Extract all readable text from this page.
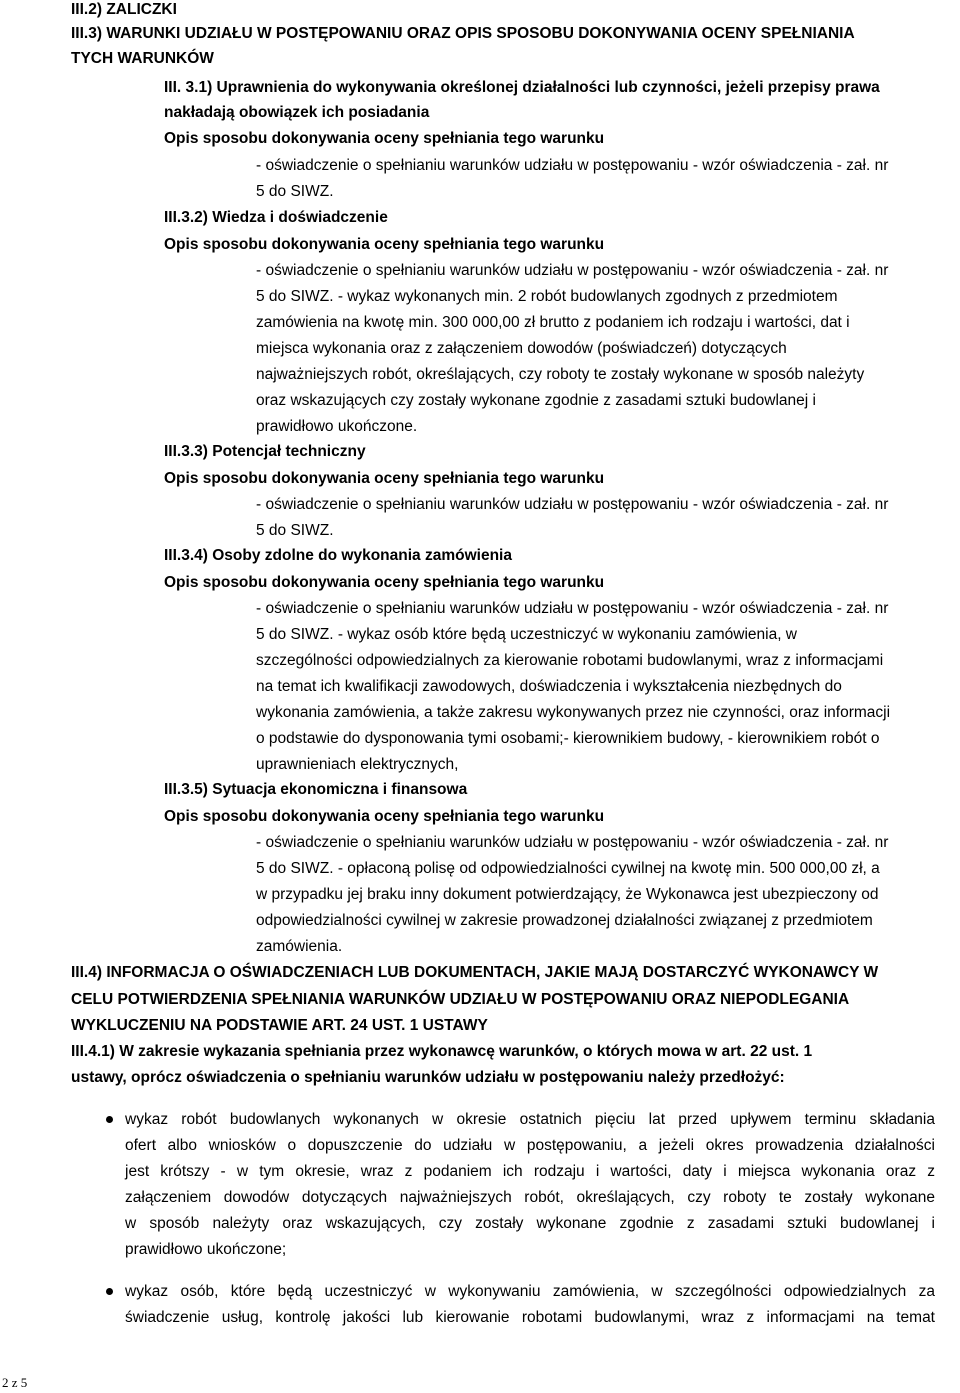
III.2) ZALICZKI
III.3) WARUNKI UDZIAŁU W POSTĘPOWANIU ORAZ OPIS SPOSOBU DOKONYWANIA OCENY SPEŁNIANIA
TYCH WARUNKÓW
III. 3.1) Uprawnienia do wykonywania określonej działalności lub czynności, jeżeli przepisy prawa
nakładają obowiązek ich posiadania
Opis sposobu dokonywania oceny spełniania tego warunku
- oświadczenie o spełnianiu warunków udziału w postępowaniu - wzór oświadczenia - zał. nr
5 do SIWZ.
III.3.2) Wiedza i doświadczenie
Opis sposobu dokonywania oceny spełniania tego warunku
- oświadczenie o spełnianiu warunków udziału w postępowaniu - wzór oświadczenia - zał. nr
5 do SIWZ. - wykaz wykonanych min. 2 robót budowlanych zgodnych z przedmiotem
zamówienia na kwotę min. 300 000,00 zł brutto z podaniem ich rodzaju i wartości, dat i
miejsca wykonania oraz z załączeniem dowodów (poświadczeń) dotyczących
najważniejszych robót, określających, czy roboty te zostały wykonane w sposób należyty
oraz wskazujących czy zostały wykonane zgodnie z zasadami sztuki budowlanej i
prawidłowo ukończone.
III.3.3) Potencjał techniczny
Opis sposobu dokonywania oceny spełniania tego warunku
- oświadczenie o spełnianiu warunków udziału w postępowaniu - wzór oświadczenia - zał. nr
5 do SIWZ.
III.3.4) Osoby zdolne do wykonania zamówienia
Opis sposobu dokonywania oceny spełniania tego warunku
- oświadczenie o spełnianiu warunków udziału w postępowaniu - wzór oświadczenia - zał. nr
5 do SIWZ. - wykaz osób które będą uczestniczyć w wykonaniu zamówienia, w
szczególności odpowiedzialnych za kierowanie robotami budowlanymi, wraz z informacjami
na temat ich kwalifikacji zawodowych, doświadczenia i wykształcenia niezbędnych do
wykonania zamówienia, a także zakresu wykonywanych przez nie czynności, oraz informacji
o podstawie do dysponowania tymi osobami;- kierownikiem budowy, - kierownikiem robót o
uprawnieniach elektrycznych,
III.3.5) Sytuacja ekonomiczna i finansowa
Opis sposobu dokonywania oceny spełniania tego warunku
- oświadczenie o spełnianiu warunków udziału w postępowaniu - wzór oświadczenia - zał. nr
5 do SIWZ. - opłaconą polisę od odpowiedzialności cywilnej na kwotę min. 500 000,00 zł, a
w przypadku jej braku inny dokument potwierdzający, że Wykonawca jest ubezpieczony od
odpowiedzialności cywilnej w zakresie prowadzonej działalności związanej z przedmiotem
zamówienia.
III.4) INFORMACJA O OŚWIADCZENIACH LUB DOKUMENTACH, JAKIE MAJĄ DOSTARCZYĆ WYKONAWCY W
CELU POTWIERDZENIA SPEŁNIANIA WARUNKÓW UDZIAŁU W POSTĘPOWANIU ORAZ NIEPODLEGANIA
WYKLUCZENIU NA PODSTAWIE ART. 24 UST. 1 USTAWY
III.4.1) W zakresie wykazania spełniania przez wykonawcę warunków, o których mowa w art. 22 ust. 1
ustawy, oprócz oświadczenia o spełnianiu warunków udziału w postępowaniu należy przedłożyć:
wykaz robót budowlanych wykonanych w okresie ostatnich pięciu lat przed upływem terminu składania
ofert albo wniosków o dopuszczenie do udziału w postępowaniu, a jeżeli okres prowadzenia działalności
jest krótszy - w tym okresie, wraz z podaniem ich rodzaju i wartości, daty i miejsca wykonania oraz z
załączeniem dowodów dotyczących najważniejszych robót, określających, czy roboty te zostały wykonane
w sposób należyty oraz wskazujących, czy zostały wykonane zgodnie z zasadami sztuki budowlanej i
prawidłowo ukończone;
wykaz osób, które będą uczestniczyć w wykonywaniu zamówienia, w szczególności odpowiedzialnych za
świadczenie usług, kontrolę jakości lub kierowanie robotami budowlanymi, wraz z informacjami na temat
2 z 5
